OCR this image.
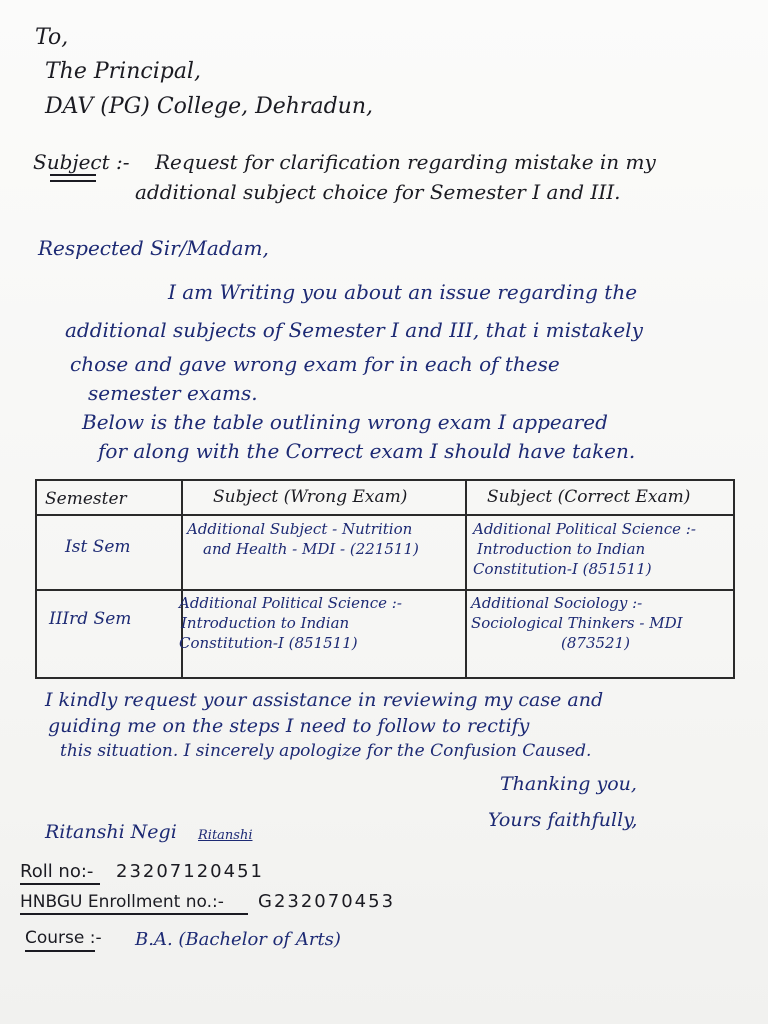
To,

The Principal,

DAV (PG) College, Dehradun,

Subject :- Request for clarification regarding mistake in my

additional subject choice for Semester I and III.

Respected Sir/Madam,

I am Writing you about an issue regarding the

additional subjects of Semester I and III, that i mistakely

chose and gave wrong exam for in each of these

semester exams.

Below is the table outlining wrong exam I appeared

for along with the Correct exam I should have taken.

Semester	Subject (Wrong Exam)	Subject (Correct Exam)

Ist Sem

Additional Subject - Nutrition
and Health - MDI - (221511)
Additional Political Science :-
Introduction to Indian
Constitution-I (851511)

IIIrd Sem

Additional Political Science :-
Introduction to Indian
Constitution-I (851511)
Additional Sociology :-
Sociological Thinkers - MDI
(873521)

I kindly request your assistance in reviewing my case and

guiding me on the steps I need to follow to rectify

this situation. I sincerely apologize for the Confusion Caused.

Thanking you,

Yours faithfully,

Ritanshi Negi Ritanshi

Roll no:- 23207120451

HNBGU Enrollment no.:- G232070453

Course :- B.A. (Bachelor of Arts)
